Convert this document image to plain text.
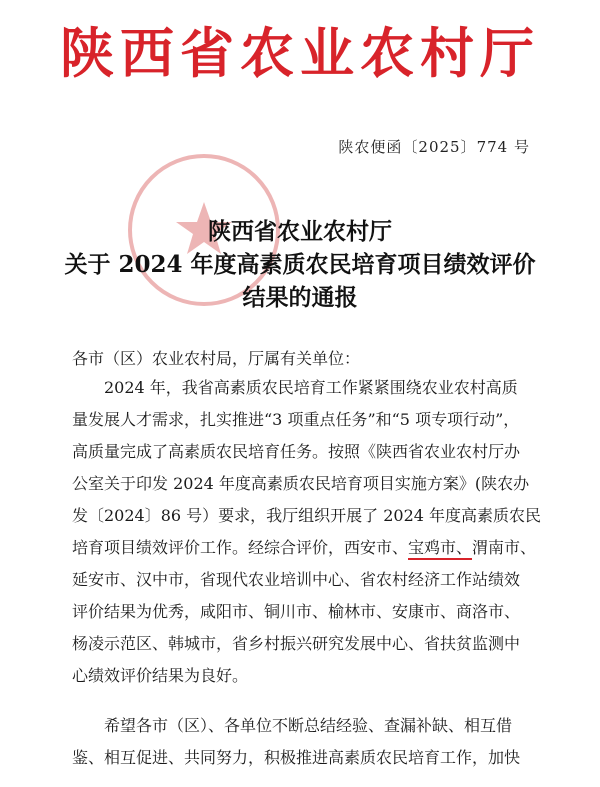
陕西省农业农村厅
陕农便函〔2025〕774 号
陕西省农业农村厅
关于 2024 年度高素质农民培育项目绩效评价
结果的通报
各市（区）农业农村局，厅属有关单位：
2024 年，我省高素质农民培育工作紧紧围绕农业农村高质
量发展人才需求，扎实推进“3 项重点任务”和“5 项专项行动”，
高质量完成了高素质农民培育任务。按照《陕西省农业农村厅办
公室关于印发 2024 年度高素质农民培育项目实施方案》(陕农办
发〔2024〕86 号）要求，我厅组织开展了 2024 年度高素质农民
培育项目绩效评价工作。经综合评价，西安市、宝鸡市、渭南市、
延安市、汉中市，省现代农业培训中心、省农村经济工作站绩效
评价结果为优秀，咸阳市、铜川市、榆林市、安康市、商洛市、
杨凌示范区、韩城市，省乡村振兴研究发展中心、省扶贫监测中
心绩效评价结果为良好。
希望各市（区）、各单位不断总结经验、查漏补缺、相互借
鉴、相互促进、共同努力，积极推进高素质农民培育工作，加快
